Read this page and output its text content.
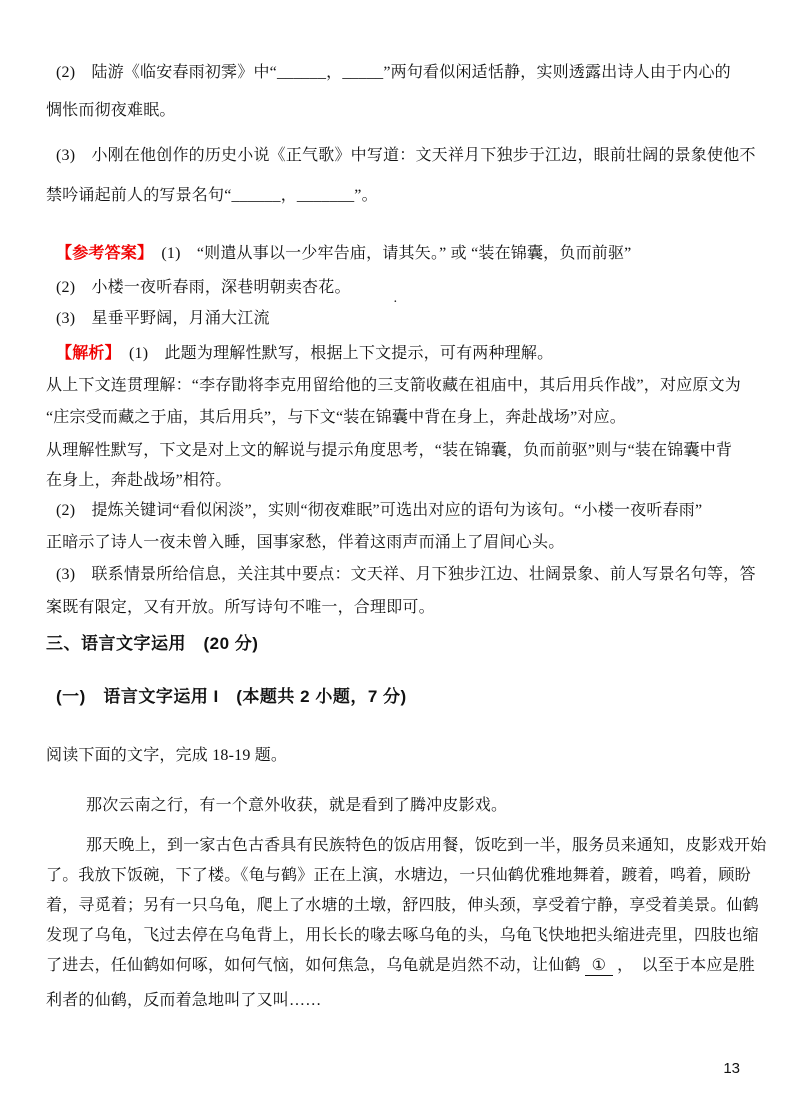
(2)　陆游《临安春雨初霁》中“______，_____”两句看似闲适恬静，实则透露出诗人由于内心的
惆怅而彻夜难眠。
(3)　小刚在他创作的历史小说《正气歌》中写道：文天祥月下独步于江边，眼前壮阔的景象使他不
禁吟诵起前人的写景名句“______，_______”。
【参考答案】　(1)　“则遣从事以一少牢告庙，请其矢。” 或 “装在锦囊，负而前驱”
(2)　小楼一夜听春雨，深巷明朝卖杏花。
(3)　星垂平野阔，月涌大江流
·
【解析】　(1)　此题为理解性默写，根据上下文提示，可有两种理解。
从上下文连贯理解：“李存勖将李克用留给他的三支箭收藏在祖庙中，其后用兵作战”，对应原文为
“庄宗受而藏之于庙，其后用兵”，与下文“装在锦囊中背在身上，奔赴战场”对应。
从理解性默写，下文是对上文的解说与提示角度思考，“装在锦囊，负而前驱”则与“装在锦囊中背
在身上，奔赴战场”相符。
(2)　提炼关键词“看似闲淡”，实则“彻夜难眠”可选出对应的语句为该句。“小楼一夜听春雨”
正暗示了诗人一夜未曾入睡，国事家愁，伴着这雨声而涌上了眉间心头。
(3)　联系情景所给信息，关注其中要点：文天祥、月下独步江边、壮阔景象、前人写景名句等，答
案既有限定，又有开放。所写诗句不唯一，合理即可。
三、语言文字运用　(20 分)
(一)　语言文字运用 I　(本题共 2 小题，7 分)
阅读下面的文字，完成 18-19 题。
那次云南之行，有一个意外收获，就是看到了腾冲皮影戏。
那天晚上，到一家古色古香具有民族特色的饭店用餐，饭吃到一半，服务员来通知，皮影戏开始
了。我放下饭碗，下了楼。《龟与鹤》正在上演，水塘边，一只仙鹤优雅地舞着，踱着，鸣着，顾盼
着，寻觅着；另有一只乌龟，爬上了水塘的土墩，舒四肢，伸头颈，享受着宁静，享受着美景。仙鹤
发现了乌龟，飞过去停在乌龟背上，用长长的喙去啄乌龟的头，乌龟飞快地把头缩进壳里，四肢也缩
了进去，任仙鹤如何啄，如何气恼，如何焦急，乌龟就是岿然不动，让仙鹤 ① ，　以至于本应是胜
利者的仙鹤，反而着急地叫了又叫……
13
